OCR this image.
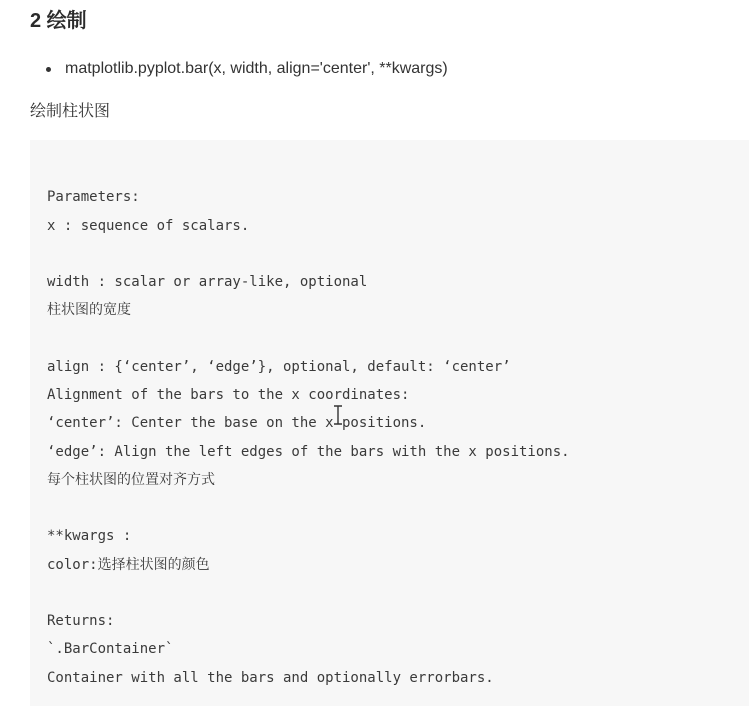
2 绘制
matplotlib.pyplot.bar(x, width, align='center', **kwargs)

绘制柱状图

Parameters:
x : sequence of scalars.
width : scalar or array-like, optional
柱状图的宽度
align : {‘center’, ‘edge’}, optional, default: ‘center’
Alignment of the bars to the x coordinates:
‘center’: Center the base on the x positions.
‘edge’: Align the left edges of the bars with the x positions.
每个柱状图的位置对齐方式
**kwargs :
color:选择柱状图的颜色
Returns:
`.BarContainer`
Container with all the bars and optionally errorbars.
